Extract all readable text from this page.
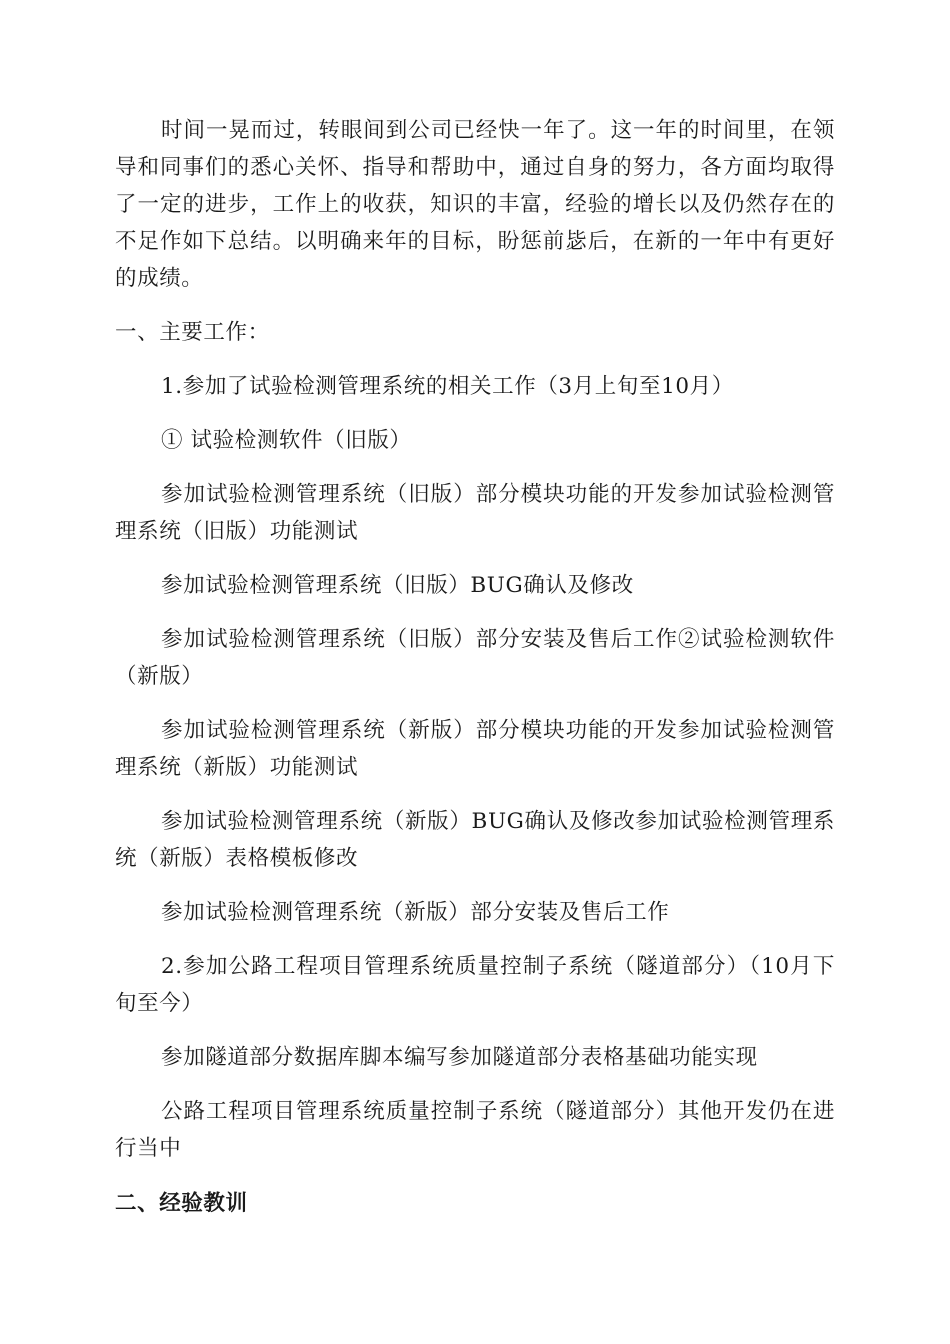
时间一晃而过，转眼间到公司已经快一年了。这一年的时间里，在领导和同事们的悉心关怀、指导和帮助中，通过自身的努力，各方面均取得了一定的进步，工作上的收获，知识的丰富，经验的增长以及仍然存在的不足作如下总结。以明确来年的目标，盼惩前毖后，在新的一年中有更好的成绩。

一、主要工作：

1.参加了试验检测管理系统的相关工作（3月上旬至10月）

① 试验检测软件（旧版）

参加试验检测管理系统（旧版）部分模块功能的开发参加试验检测管理系统（旧版）功能测试

参加试验检测管理系统（旧版）BUG确认及修改

参加试验检测管理系统（旧版）部分安装及售后工作②试验检测软件（新版）

参加试验检测管理系统（新版）部分模块功能的开发参加试验检测管理系统（新版）功能测试

参加试验检测管理系统（新版）BUG确认及修改参加试验检测管理系统（新版）表格模板修改

参加试验检测管理系统（新版）部分安装及售后工作

2.参加公路工程项目管理系统质量控制子系统（隧道部分）（10月下旬至今）

参加隧道部分数据库脚本编写参加隧道部分表格基础功能实现

公路工程项目管理系统质量控制子系统（隧道部分）其他开发仍在进行当中

二、经验教训
